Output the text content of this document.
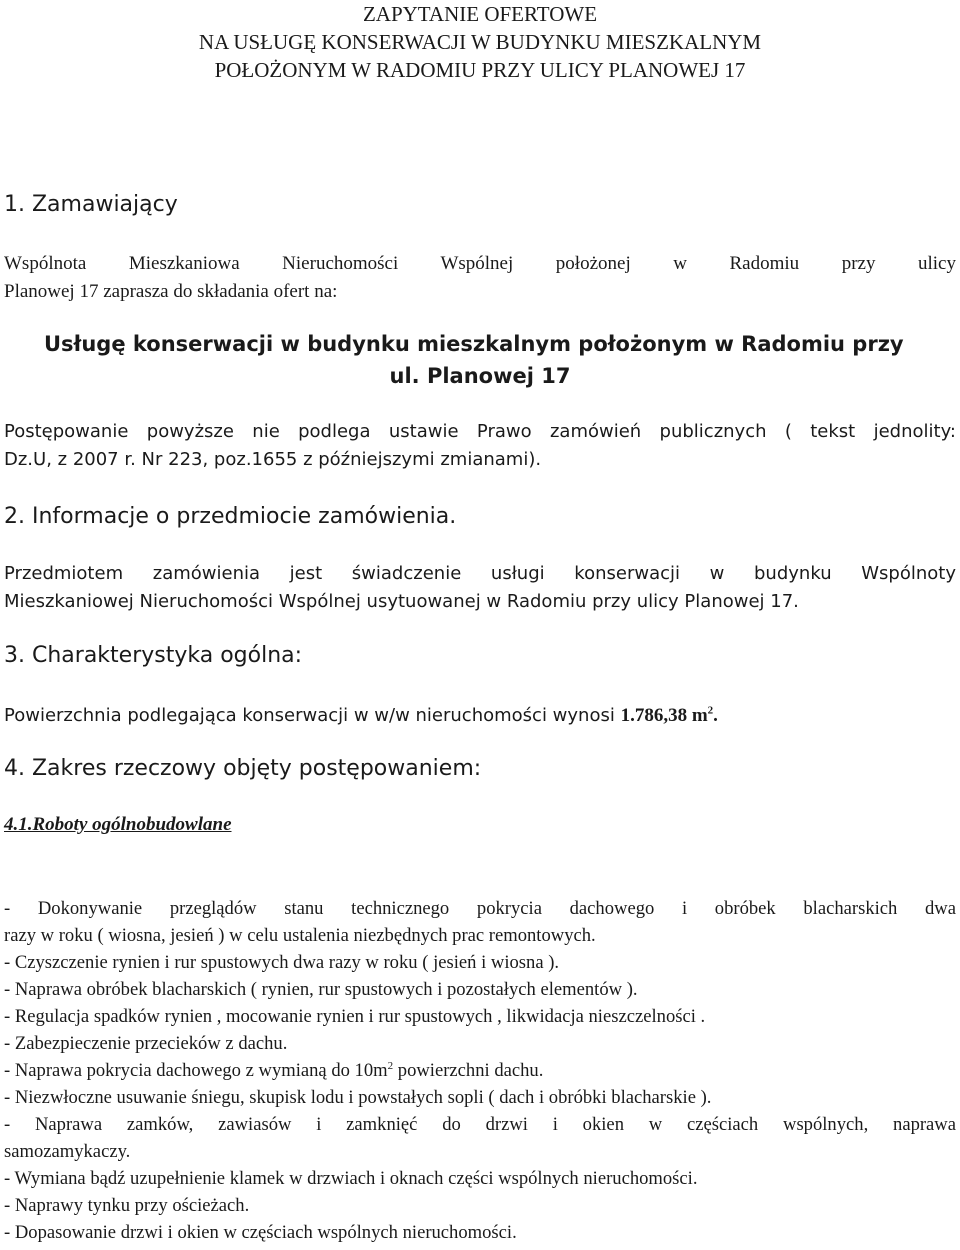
ZAPYTANIE OFERTOWE
NA USŁUGĘ KONSERWACJI W BUDYNKU MIESZKALNYM
POŁOŻONYM W RADOMIU PRZY ULICY PLANOWEJ 17
1. Zamawiający
Wspólnota Mieszkaniowa Nieruchomości Wspólnej położonej w Radomiu przy ulicy
Planowej 17 zaprasza do składania ofert na:
Usługę konserwacji w budynku mieszkalnym położonym w Radomiu przy
ul. Planowej 17
Postępowanie powyższe nie podlega ustawie Prawo zamówień publicznych ( tekst jednolity:
Dz.U, z 2007 r. Nr 223, poz.1655 z późniejszymi zmianami).
2. Informacje o przedmiocie zamówienia.
Przedmiotem zamówienia jest świadczenie usługi konserwacji w budynku Wspólnoty
Mieszkaniowej Nieruchomości Wspólnej usytuowanej w Radomiu przy ulicy Planowej 17.
3. Charakterystyka ogólna:
Powierzchnia podlegająca konserwacji w w/w nieruchomości wynosi 1.786,38 $m^2$.
4. Zakres rzeczowy objęty postępowaniem:
4.1.Roboty ogólnobudowlane
- Dokonywanie przeglądów stanu technicznego pokrycia dachowego i obróbek blacharskich dwa
razy w roku ( wiosna, jesień ) w celu ustalenia niezbędnych prac remontowych.
- Czyszczenie rynien i rur spustowych dwa razy w roku ( jesień i wiosna ).
- Naprawa obróbek blacharskich ( rynien, rur spustowych i pozostałych elementów ).
- Regulacja spadków rynien , mocowanie rynien i rur spustowych , likwidacja nieszczelności .
- Zabezpieczenie przecieków z dachu.
- Naprawa pokrycia dachowego z wymianą do $10m^2$ powierzchni dachu.
- Niezwłoczne usuwanie śniegu, skupisk lodu i powstałych sopli ( dach i obróbki blacharskie ).
- Naprawa zamków, zawiasów i zamknięć do drzwi i okien w częściach wspólnych, naprawa
samozamykaczy.
- Wymiana bądź uzupełnienie klamek w drzwiach i oknach części wspólnych nieruchomości.
- Naprawy tynku przy ościeżach.
- Dopasowanie drzwi i okien w częściach wspólnych nieruchomości.
